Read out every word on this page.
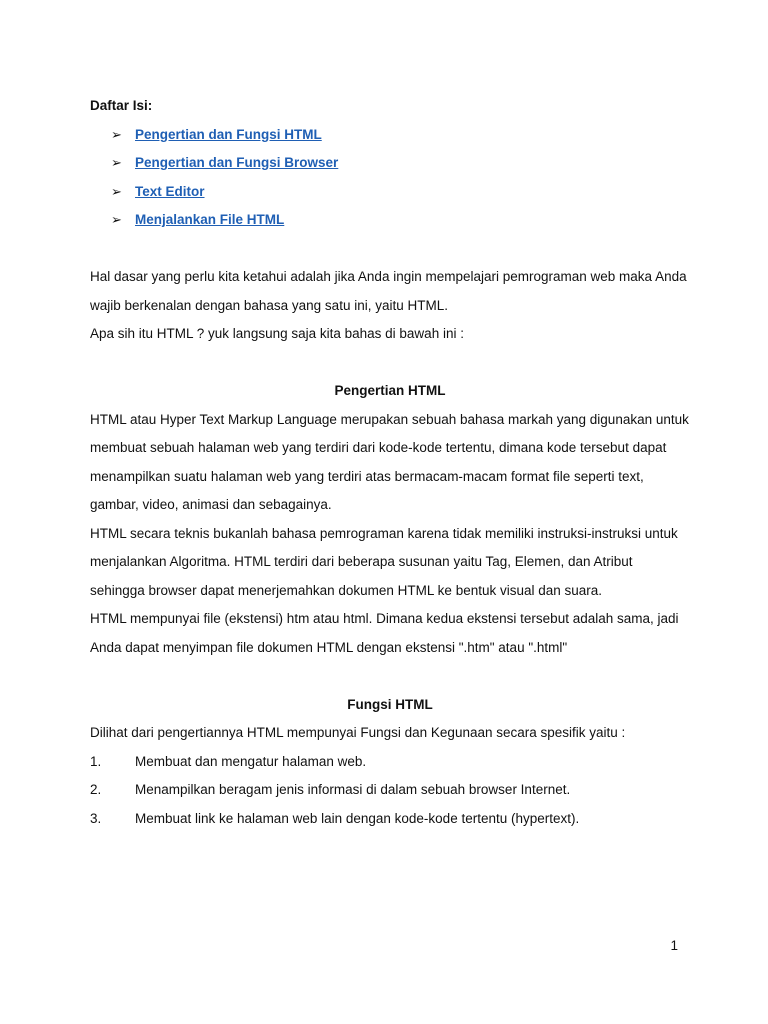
Daftar Isi:

➢ Pengertian dan Fungsi HTML
➢ Pengertian dan Fungsi Browser
➢ Text Editor
➢ Menjalankan File HTML

Hal dasar yang perlu kita ketahui adalah jika Anda ingin mempelajari pemrograman web maka Anda wajib berkenalan dengan bahasa yang satu ini, yaitu HTML.

Apa sih itu HTML ? yuk langsung saja kita bahas di bawah ini :

Pengertian HTML

HTML atau Hyper Text Markup Language merupakan sebuah bahasa markah yang digunakan untuk membuat sebuah halaman web yang terdiri dari kode-kode tertentu, dimana kode tersebut dapat menampilkan suatu halaman web yang terdiri atas bermacam-macam format file seperti text, gambar, video, animasi dan sebagainya.

HTML secara teknis bukanlah bahasa pemrograman karena tidak memiliki instruksi-instruksi untuk menjalankan Algoritma. HTML terdiri dari beberapa susunan yaitu Tag, Elemen, dan Atribut sehingga browser dapat menerjemahkan dokumen HTML ke bentuk visual dan suara.

HTML mempunyai file (ekstensi) htm atau html. Dimana kedua ekstensi tersebut adalah sama, jadi Anda dapat menyimpan file dokumen HTML dengan ekstensi ".htm" atau ".html"

Fungsi HTML

Dilihat dari pengertiannya HTML mempunyai Fungsi dan Kegunaan secara spesifik yaitu :

1. Membuat dan mengatur halaman web.
2. Menampilkan beragam jenis informasi di dalam sebuah browser Internet.
3. Membuat link ke halaman web lain dengan kode-kode tertentu (hypertext).
1
